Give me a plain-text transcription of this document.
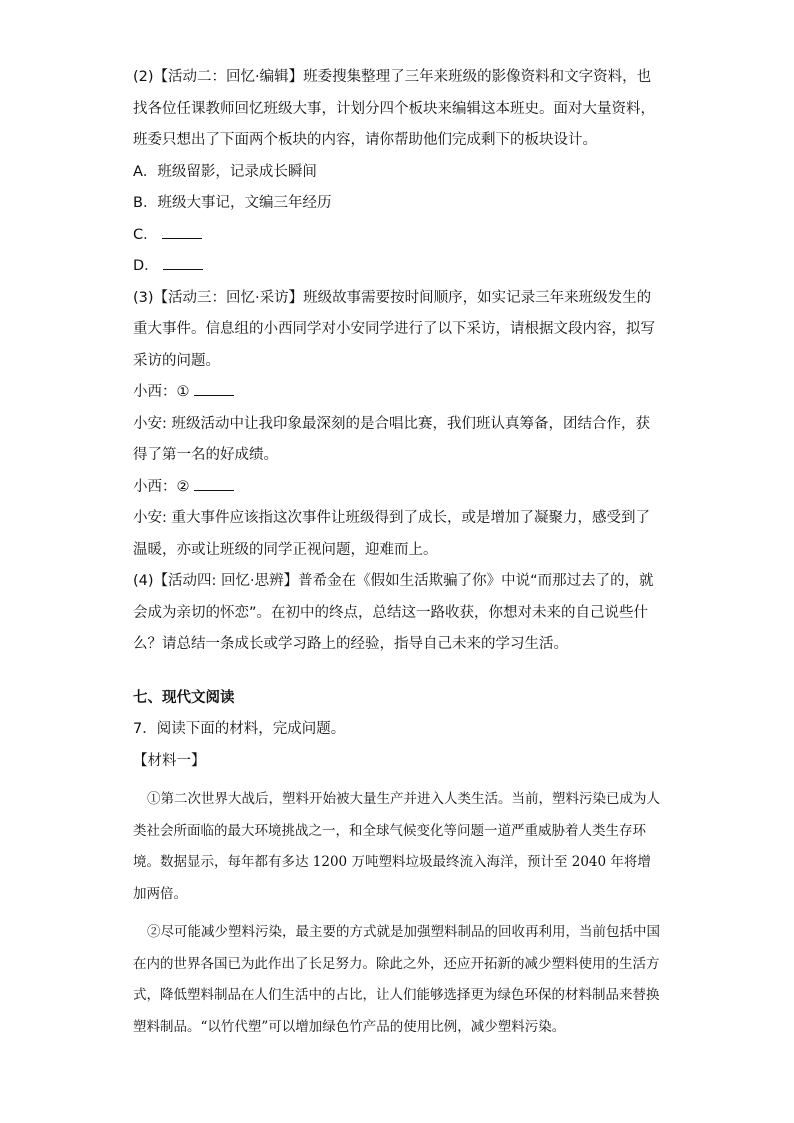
(2)【活动二：回忆·编辑】班委搜集整理了三年来班级的影像资料和文字资料，也找各位任课教师回忆班级大事，计划分四个板块来编辑这本班史。面对大量资料，班委只想出了下面两个板块的内容，请你帮助他们完成剩下的板块设计。

A．班级留影，记录成长瞬间

B．班级大事记，文编三年经历

C．

D．

(3)【活动三：回忆·采访】班级故事需要按时间顺序，如实记录三年来班级发生的重大事件。信息组的小西同学对小安同学进行了以下采访，请根据文段内容，拟写采访的问题。

小西：①

小安: 班级活动中让我印象最深刻的是合唱比赛，我们班认真筹备，团结合作，获得了第一名的好成绩。

小西：②

小安: 重大事件应该指这次事件让班级得到了成长，或是增加了凝聚力，感受到了温暖，亦或让班级的同学正视问题，迎难而上。

(4)【活动四: 回忆·思辨】普希金在《假如生活欺骗了你》中说“而那过去了的，就会成为亲切的怀恋”。在初中的终点，总结这一路收获，你想对未来的自己说些什么？请总结一条成长或学习路上的经验，指导自己未来的学习生活。

七、现代文阅读

7．阅读下面的材料，完成问题。

【材料一】

①第二次世界大战后，塑料开始被大量生产并进入人类生活。当前，塑料污染已成为人类社会所面临的最大环境挑战之一，和全球气候变化等问题一道严重威胁着人类生存环境。数据显示，每年都有多达 1200 万吨塑料垃圾最终流入海洋，预计至 2040 年将增加两倍。

②尽可能减少塑料污染，最主要的方式就是加强塑料制品的回收再利用，当前包括中国在内的世界各国已为此作出了长足努力。除此之外，还应开拓新的减少塑料使用的生活方式，降低塑料制品在人们生活中的占比，让人们能够选择更为绿色环保的材料制品来替换塑料制品。“以竹代塑”可以增加绿色竹产品的使用比例，减少塑料污染。
